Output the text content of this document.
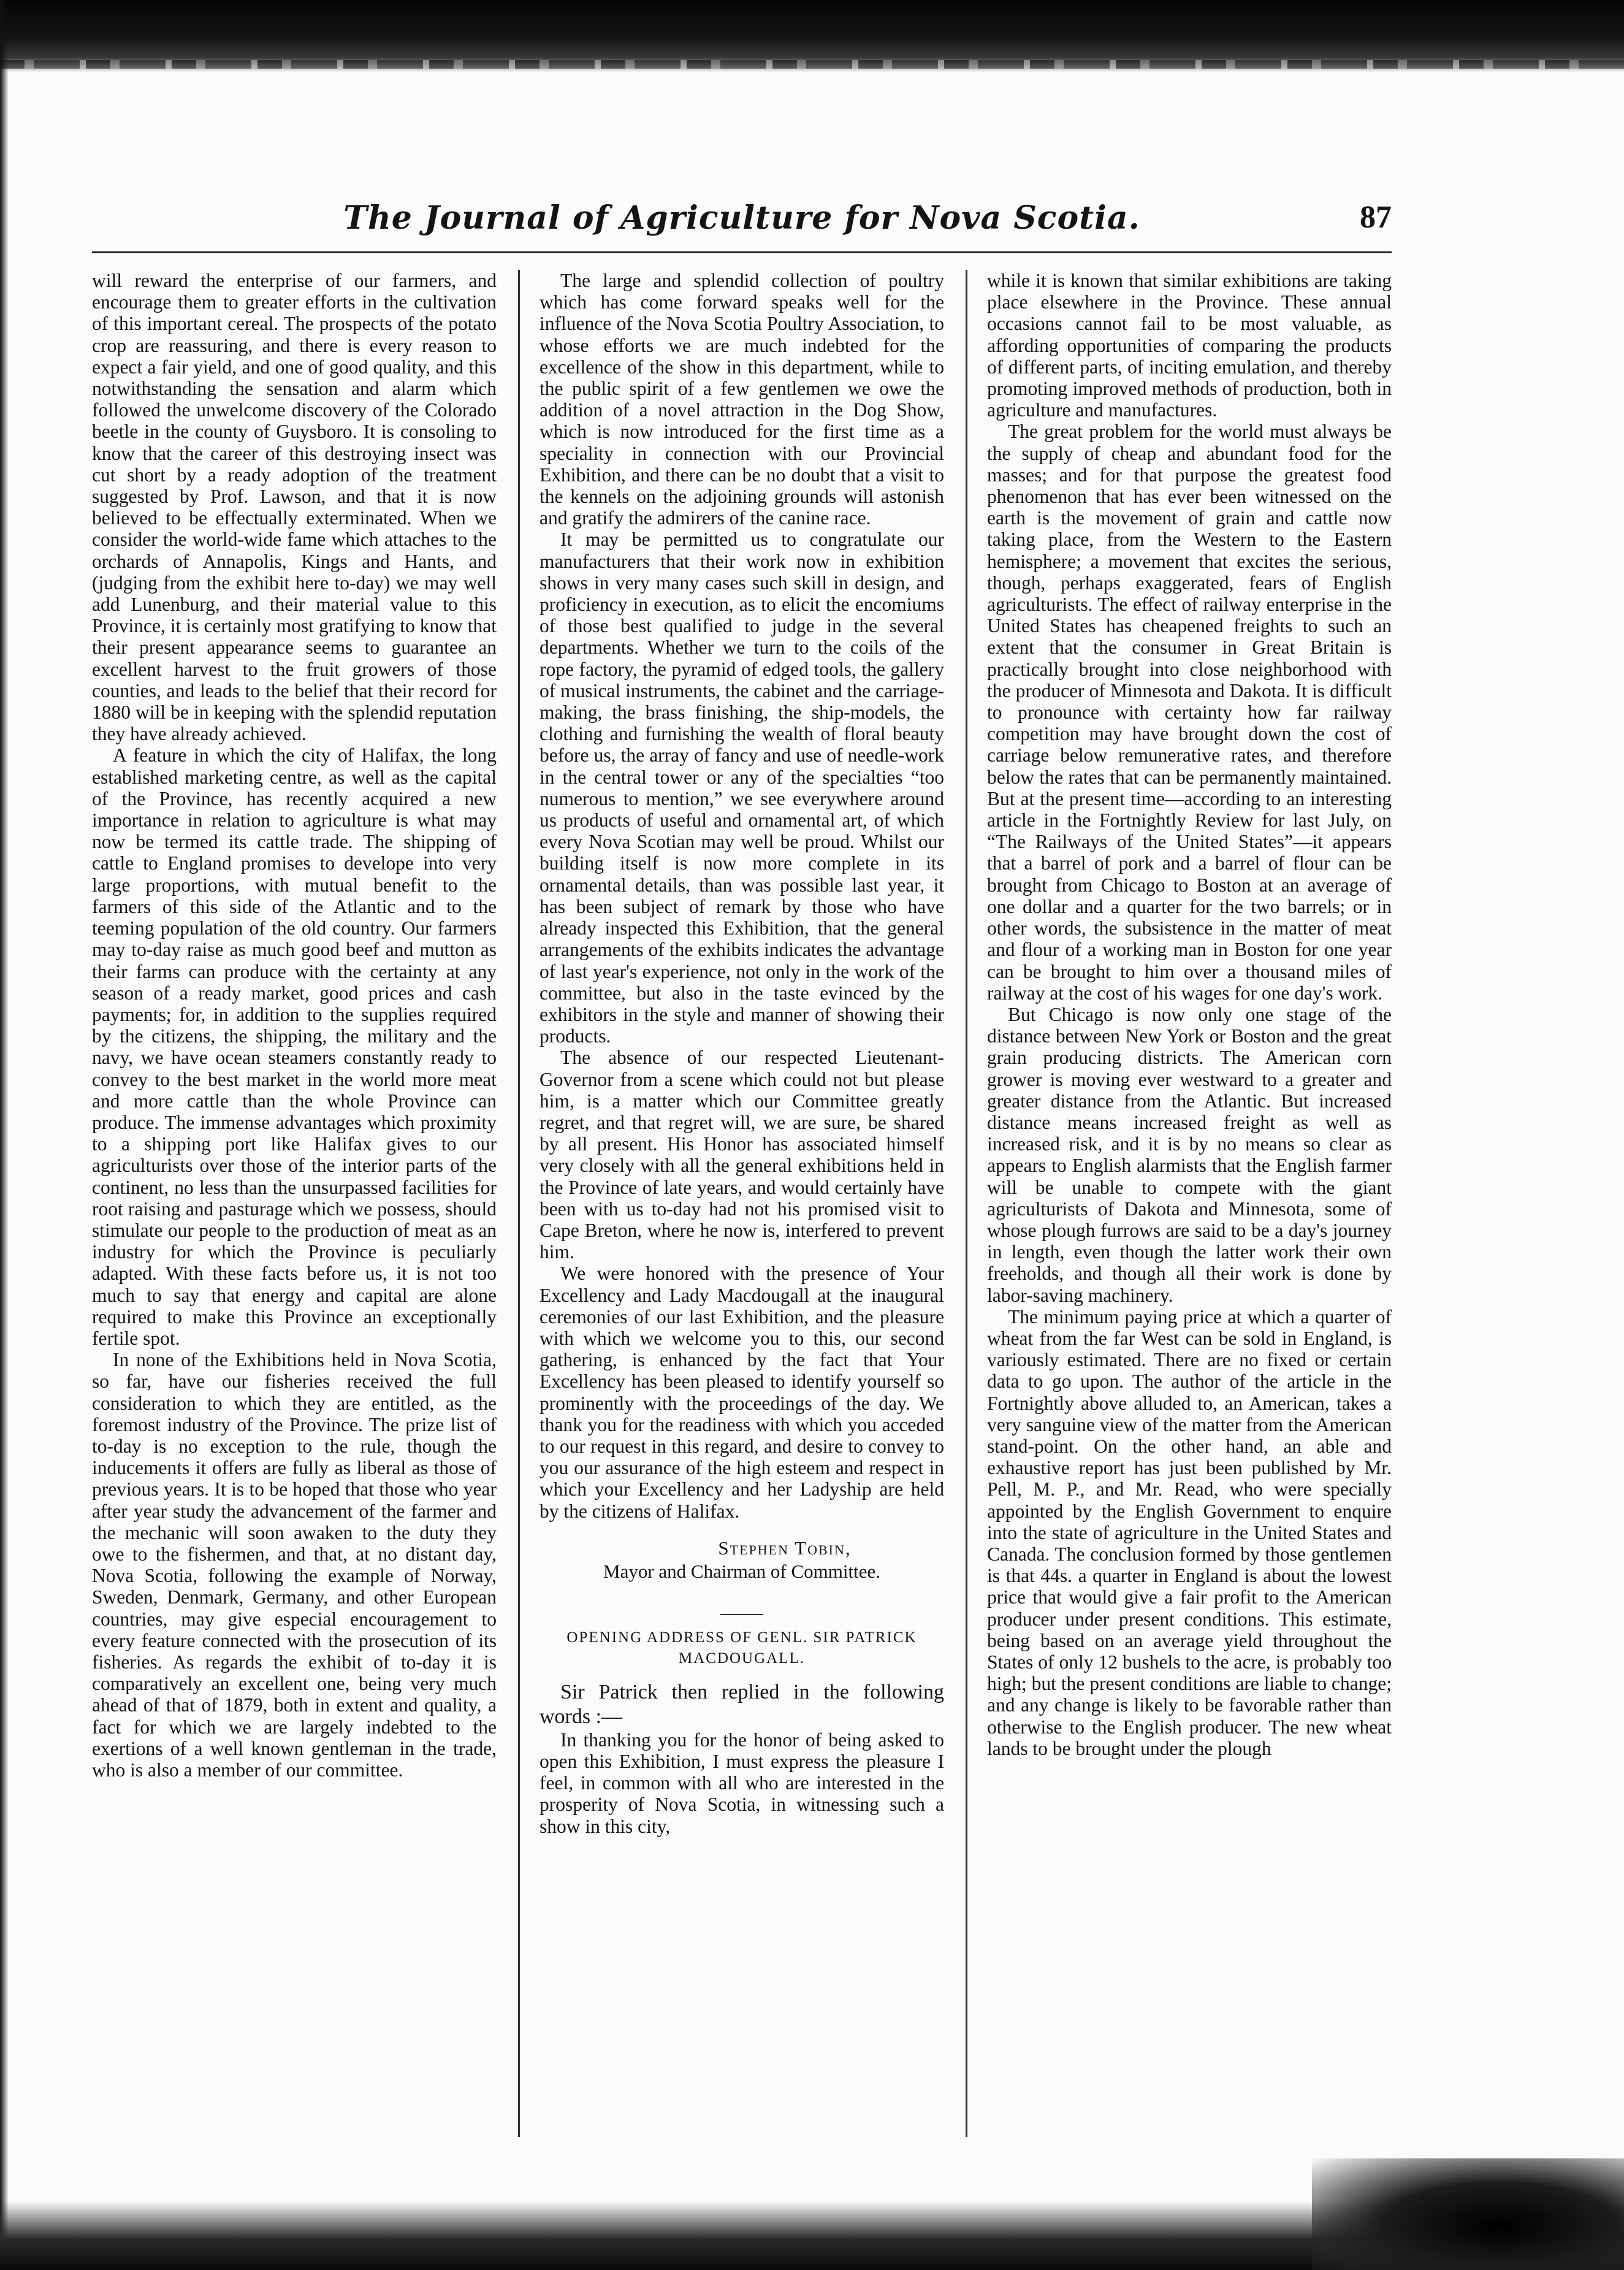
The Journal of Agriculture for Nova Scotia.	87

will reward the enterprise of our farmers, and encourage them to greater efforts in the cultivation of this important cereal. The prospects of the potato crop are reassuring, and there is every reason to expect a fair yield, and one of good quality, and this notwithstanding the sensation and alarm which followed the unwelcome discovery of the Colorado beetle in the county of Guysboro. It is consoling to know that the career of this destroying insect was cut short by a ready adoption of the treatment suggested by Prof. Lawson, and that it is now believed to be effectually exterminated. When we consider the world-wide fame which attaches to the orchards of Annapolis, Kings and Hants, and (judging from the exhibit here to-day) we may well add Lunenburg, and their material value to this Province, it is certainly most gratifying to know that their present appearance seems to guarantee an excellent harvest to the fruit growers of those counties, and leads to the belief that their record for 1880 will be in keeping with the splendid reputation they have already achieved.

A feature in which the city of Halifax, the long established marketing centre, as well as the capital of the Province, has recently acquired a new importance in relation to agriculture is what may now be termed its cattle trade. The shipping of cattle to England promises to develope into very large proportions, with mutual benefit to the farmers of this side of the Atlantic and to the teeming population of the old country. Our farmers may to-day raise as much good beef and mutton as their farms can produce with the certainty at any season of a ready market, good prices and cash payments; for, in addition to the supplies required by the citizens, the shipping, the military and the navy, we have ocean steamers constantly ready to convey to the best market in the world more meat and more cattle than the whole Province can produce. The immense advantages which proximity to a shipping port like Halifax gives to our agriculturists over those of the interior parts of the continent, no less than the unsurpassed facilities for root raising and pasturage which we possess, should stimulate our people to the production of meat as an industry for which the Province is peculiarly adapted. With these facts before us, it is not too much to say that energy and capital are alone required to make this Province an exceptionally fertile spot.

In none of the Exhibitions held in Nova Scotia, so far, have our fisheries received the full consideration to which they are entitled, as the foremost industry of the Province. The prize list of to-day is no exception to the rule, though the inducements it offers are fully as liberal as those of previous years. It is to be hoped that those who year after year study the advancement of the farmer and the mechanic will soon awaken to the duty they owe to the fishermen, and that, at no distant day, Nova Scotia, following the example of Norway, Sweden, Denmark, Germany, and other European countries, may give especial encouragement to every feature connected with the prosecution of its fisheries. As regards the exhibit of to-day it is comparatively an excellent one, being very much ahead of that of 1879, both in extent and quality, a fact for which we are largely indebted to the exertions of a well known gentleman in the trade, who is also a member of our committee.

The large and splendid collection of poultry which has come forward speaks well for the influence of the Nova Scotia Poultry Association, to whose efforts we are much indebted for the excellence of the show in this department, while to the public spirit of a few gentlemen we owe the addition of a novel attraction in the Dog Show, which is now introduced for the first time as a speciality in connection with our Provincial Exhibition, and there can be no doubt that a visit to the kennels on the adjoining grounds will astonish and gratify the admirers of the canine race.

It may be permitted us to congratulate our manufacturers that their work now in exhibition shows in very many cases such skill in design, and proficiency in execution, as to elicit the encomiums of those best qualified to judge in the several departments. Whether we turn to the coils of the rope factory, the pyramid of edged tools, the gallery of musical instruments, the cabinet and the carriage-making, the brass finishing, the ship-models, the clothing and furnishing the wealth of floral beauty before us, the array of fancy and use of needle-work in the central tower or any of the specialties “too numerous to mention,” we see everywhere around us products of useful and ornamental art, of which every Nova Scotian may well be proud. Whilst our building itself is now more complete in its ornamental details, than was possible last year, it has been subject of remark by those who have already inspected this Exhibition, that the general arrangements of the exhibits indicates the advantage of last year's experience, not only in the work of the committee, but also in the taste evinced by the exhibitors in the style and manner of showing their products.

The absence of our respected Lieutenant-Governor from a scene which could not but please him, is a matter which our Committee greatly regret, and that regret will, we are sure, be shared by all present. His Honor has associated himself very closely with all the general exhibitions held in the Province of late years, and would certainly have been with us to-day had not his promised visit to Cape Breton, where he now is, interfered to prevent him.

We were honored with the presence of Your Excellency and Lady Macdougall at the inaugural ceremonies of our last Exhibition, and the pleasure with which we welcome you to this, our second gathering, is enhanced by the fact that Your Excellency has been pleased to identify yourself so prominently with the proceedings of the day. We thank you for the readiness with which you acceded to our request in this regard, and desire to convey to you our assurance of the high esteem and respect in which your Excellency and her Ladyship are held by the citizens of Halifax.

Stephen Tobin,
Mayor and Chairman of Committee.
OPENING ADDRESS OF GENL. SIR PATRICK MACDOUGALL.

Sir Patrick then replied in the following words :—

In thanking you for the honor of being asked to open this Exhibition, I must express the pleasure I feel, in common with all who are interested in the prosperity of Nova Scotia, in witnessing such a show in this city,

while it is known that similar exhibitions are taking place elsewhere in the Province. These annual occasions cannot fail to be most valuable, as affording opportunities of comparing the products of different parts, of inciting emulation, and thereby promoting improved methods of production, both in agriculture and manufactures.

The great problem for the world must always be the supply of cheap and abundant food for the masses; and for that purpose the greatest food phenomenon that has ever been witnessed on the earth is the movement of grain and cattle now taking place, from the Western to the Eastern hemisphere; a movement that excites the serious, though, perhaps exaggerated, fears of English agriculturists. The effect of railway enterprise in the United States has cheapened freights to such an extent that the consumer in Great Britain is practically brought into close neighborhood with the producer of Minnesota and Dakota. It is difficult to pronounce with certainty how far railway competition may have brought down the cost of carriage below remunerative rates, and therefore below the rates that can be permanently maintained. But at the present time—according to an interesting article in the Fortnightly Review for last July, on “The Railways of the United States”—it appears that a barrel of pork and a barrel of flour can be brought from Chicago to Boston at an average of one dollar and a quarter for the two barrels; or in other words, the subsistence in the matter of meat and flour of a working man in Boston for one year can be brought to him over a thousand miles of railway at the cost of his wages for one day's work.

But Chicago is now only one stage of the distance between New York or Boston and the great grain producing districts. The American corn grower is moving ever westward to a greater and greater distance from the Atlantic. But increased distance means increased freight as well as increased risk, and it is by no means so clear as appears to English alarmists that the English farmer will be unable to compete with the giant agriculturists of Dakota and Minnesota, some of whose plough furrows are said to be a day's journey in length, even though the latter work their own freeholds, and though all their work is done by labor-saving machinery.

The minimum paying price at which a quarter of wheat from the far West can be sold in England, is variously estimated. There are no fixed or certain data to go upon. The author of the article in the Fortnightly above alluded to, an American, takes a very sanguine view of the matter from the American stand-point. On the other hand, an able and exhaustive report has just been published by Mr. Pell, M. P., and Mr. Read, who were specially appointed by the English Government to enquire into the state of agriculture in the United States and Canada. The conclusion formed by those gentlemen is that 44s. a quarter in England is about the lowest price that would give a fair profit to the American producer under present conditions. This estimate, being based on an average yield throughout the States of only 12 bushels to the acre, is probably too high; but the present conditions are liable to change; and any change is likely to be favorable rather than otherwise to the English producer. The new wheat lands to be brought under the plough
